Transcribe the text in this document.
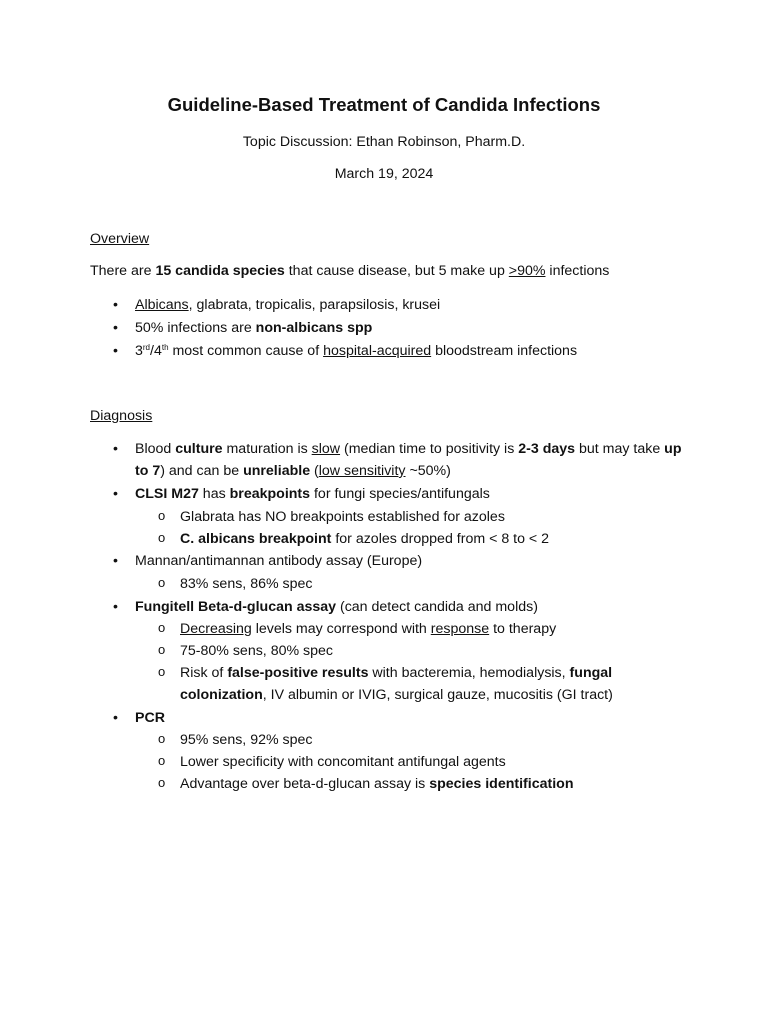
Guideline-Based Treatment of Candida Infections
Topic Discussion: Ethan Robinson, Pharm.D.
March 19, 2024
Overview
There are 15 candida species that cause disease, but 5 make up >90% infections
• Albicans, glabrata, tropicalis, parapsilosis, krusei
• 50% infections are non-albicans spp
• 3rd/4th most common cause of hospital-acquired bloodstream infections
Diagnosis
• Blood culture maturation is slow (median time to positivity is 2-3 days but may take up to 7) and can be unreliable (low sensitivity ~50%)
• CLSI M27 has breakpoints for fungi species/antifungals
o Glabrata has NO breakpoints established for azoles
o C. albicans breakpoint for azoles dropped from < 8 to < 2
• Mannan/antimannan antibody assay (Europe)
o 83% sens, 86% spec
• Fungitell Beta-d-glucan assay (can detect candida and molds)
o Decreasing levels may correspond with response to therapy
o 75-80% sens, 80% spec
o Risk of false-positive results with bacteremia, hemodialysis, fungal colonization, IV albumin or IVIG, surgical gauze, mucositis (GI tract)
• PCR
o 95% sens, 92% spec
o Lower specificity with concomitant antifungal agents
o Advantage over beta-d-glucan assay is species identification
